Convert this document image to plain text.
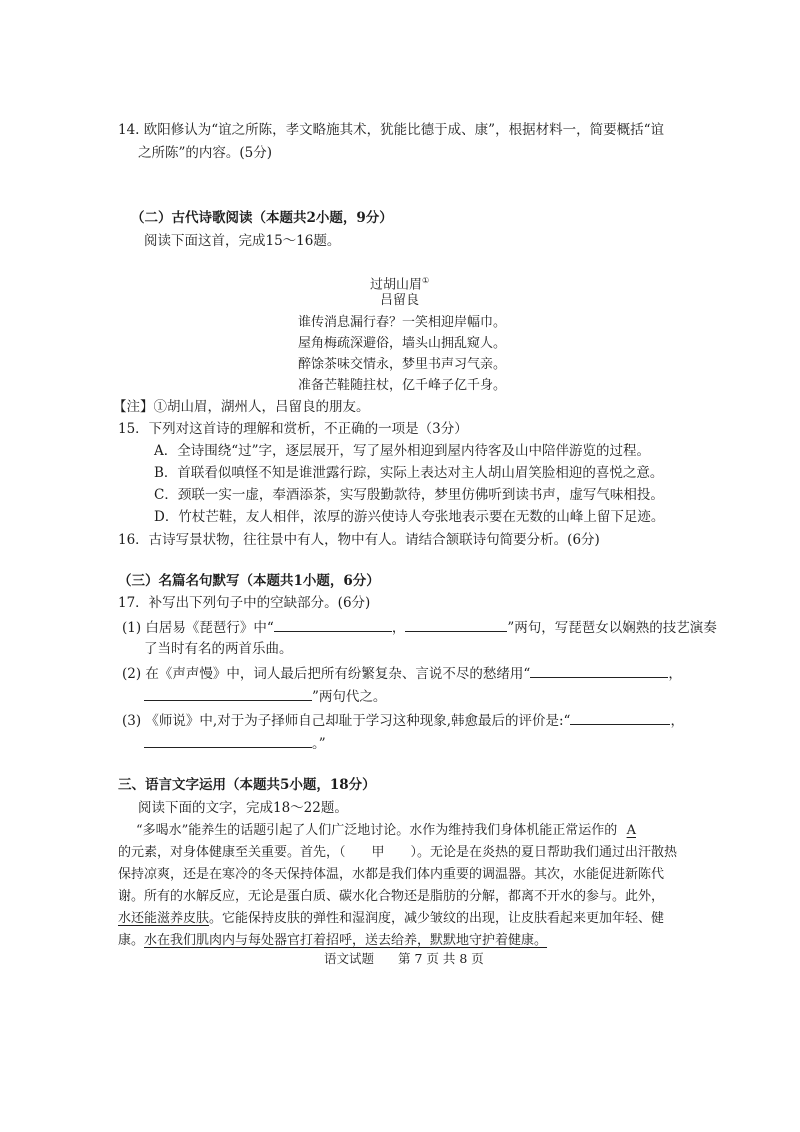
14. 欧阳修认为“谊之所陈，孝文略施其术，犹能比德于成、康”，根据材料一，简要概括“谊
之所陈”的内容。(5分)
（二）古代诗歌阅读（本题共2小题，9分）
阅读下面这首，完成15～16题。
过胡山眉①
吕留良
谁传消息漏行春？一笑相迎岸幅巾。
屋角梅疏深避俗，墙头山拥乱窥人。
醉馀茶味交情永，梦里书声习气亲。
准备芒鞋随拄杖，亿千峰子亿千身。
【注】①胡山眉，湖州人，吕留良的朋友。
15．下列对这首诗的理解和赏析，不正确的一项是（3分）
A．全诗围绕“过”字，逐层展开，写了屋外相迎到屋内待客及山中陪伴游览的过程。
B．首联看似嗔怪不知是谁泄露行踪，实际上表达对主人胡山眉笑脸相迎的喜悦之意。
C．颈联一实一虚，奉酒添茶，实写殷勤款待，梦里仿佛听到读书声，虚写气味相投。
D．竹杖芒鞋，友人相伴，浓厚的游兴使诗人夸张地表示要在无数的山峰上留下足迹。
16．古诗写景状物，往往景中有人，物中有人。请结合颔联诗句简要分析。(6分)
（三）名篇名句默写（本题共1小题，6分）
17．补写出下列句子中的空缺部分。(6分)
(1) 白居易《琵琶行》中“	，	”两句，写琵琶女以娴熟的技艺演奏
了当时有名的两首乐曲。
(2) 在《声声慢》中，词人最后把所有纷繁复杂、言说不尽的愁绪用“	，
”两句代之。
(3) 《师说》中,对于为子择师自己却耻于学习这种现象,韩愈最后的评价是:“	，
。”
三、语言文字运用（本题共5小题，18分）
阅读下面的文字，完成18～22题。
“多喝水”能养生的话题引起了人们广泛地讨论。水作为维持我们身体机能正常运作的 A
的元素，对身体健康至关重要。首先，（　　甲　　）。无论是在炎热的夏日帮助我们通过出汗散热
保持凉爽，还是在寒冷的冬天保持体温，水都是我们体内重要的调温器。其次，水能促进新陈代
谢。所有的水解反应，无论是蛋白质、碳水化合物还是脂肪的分解，都离不开水的参与。此外，
水还能滋养皮肤。它能保持皮肤的弹性和湿润度，减少皱纹的出现，让皮肤看起来更加年轻、健
康。水在我们肌肉内与每处器官打着招呼，送去给养，默默地守护着健康。
语文试题 第 7 页 共 8 页
